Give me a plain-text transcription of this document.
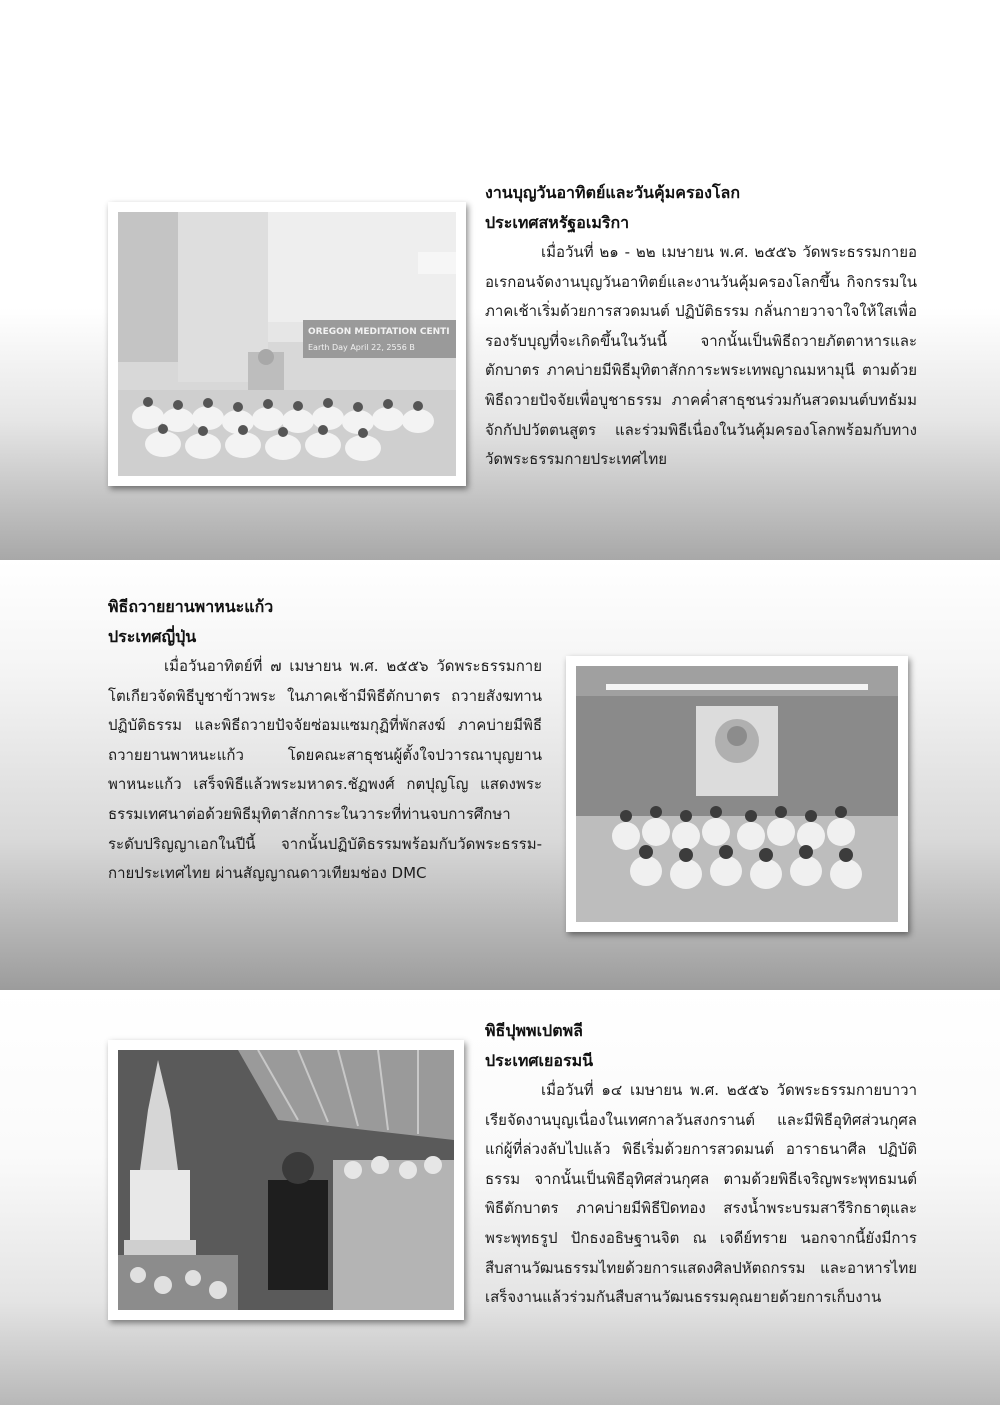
OREGON MEDITATION CENTI
Earth Day April 22, 2556 B
งานบุญวันอาทิตย์และวันคุ้มครองโลก
ประเทศสหรัฐอเมริกา

เมื่อวันที่ ๒๑ - ๒๒ เมษายน พ.ศ. ๒๕๕๖ วัดพระธรรมกายออเรกอนจัดงานบุญวันอาทิตย์และงานวันคุ้มครองโลกขึ้น กิจกรรมในภาคเช้าเริ่มด้วยการสวดมนต์ ปฏิบัติธรรม กลั่นกายวาจาใจให้ใสเพื่อรองรับบุญที่จะเกิดขึ้นในวันนี้ จากนั้นเป็นพิธีถวายภัตตาหารและตักบาตร ภาคบ่ายมีพิธีมุทิตาสักการะพระเทพญาณมหามุนี ตามด้วยพิธีถวายปัจจัยเพื่อบูชาธรรม ภาคค่ำสาธุชนร่วมกันสวดมนต์บทธัมมจักกัปปวัตตนสูตร และร่วมพิธีเนื่องในวันคุ้มครองโลกพร้อมกับทางวัดพระธรรมกายประเทศไทย

พิธีถวายยานพาหนะแก้ว
ประเทศญี่ปุ่น

เมื่อวันอาทิตย์ที่ ๗ เมษายน พ.ศ. ๒๕๕๖ วัดพระธรรมกายโตเกียวจัดพิธีบูชาข้าวพระ ในภาคเช้ามีพิธีตักบาตร ถวายสังฆทาน ปฏิบัติธรรม และพิธีถวายปัจจัยซ่อมแซมกุฏิที่พักสงฆ์ ภาคบ่ายมีพิธีถวายยานพาหนะแก้ว โดยคณะสาธุชนผู้ตั้งใจปวารณาบุญยานพาหนะแก้ว เสร็จพิธีแล้วพระมหาดร.ชัฏพงศ์ กตปุญโญ แสดงพระธรรมเทศนาต่อด้วยพิธีมุทิตาสักการะในวาระที่ท่านจบการศึกษาระดับปริญญาเอกในปีนี้ จากนั้นปฏิบัติธรรมพร้อมกับวัดพระธรรม-กายประเทศไทย ผ่านสัญญาณดาวเทียมช่อง DMC

พิธีปุพพเปตพลี
ประเทศเยอรมนี

เมื่อวันที่ ๑๔ เมษายน พ.ศ. ๒๕๕๖ วัดพระธรรมกายบาวาเรียจัดงานบุญเนื่องในเทศกาลวันสงกรานต์ และมีพิธีอุทิศส่วนกุศลแก่ผู้ที่ล่วงลับไปแล้ว พิธีเริ่มด้วยการสวดมนต์ อาราธนาศีล ปฏิบัติธรรม จากนั้นเป็นพิธีอุทิศส่วนกุศล ตามด้วยพิธีเจริญพระพุทธมนต์ พิธีตักบาตร ภาคบ่ายมีพิธีปิดทอง สรงน้ำพระบรมสารีริกธาตุและพระพุทธรูป ปักธงอธิษฐานจิต ณ เจดีย์ทราย นอกจากนี้ยังมีการสืบสานวัฒนธรรมไทยด้วยการแสดงศิลปหัตถกรรม และอาหารไทย เสร็จงานแล้วร่วมกันสืบสานวัฒนธรรมคุณยายด้วยการเก็บงาน
